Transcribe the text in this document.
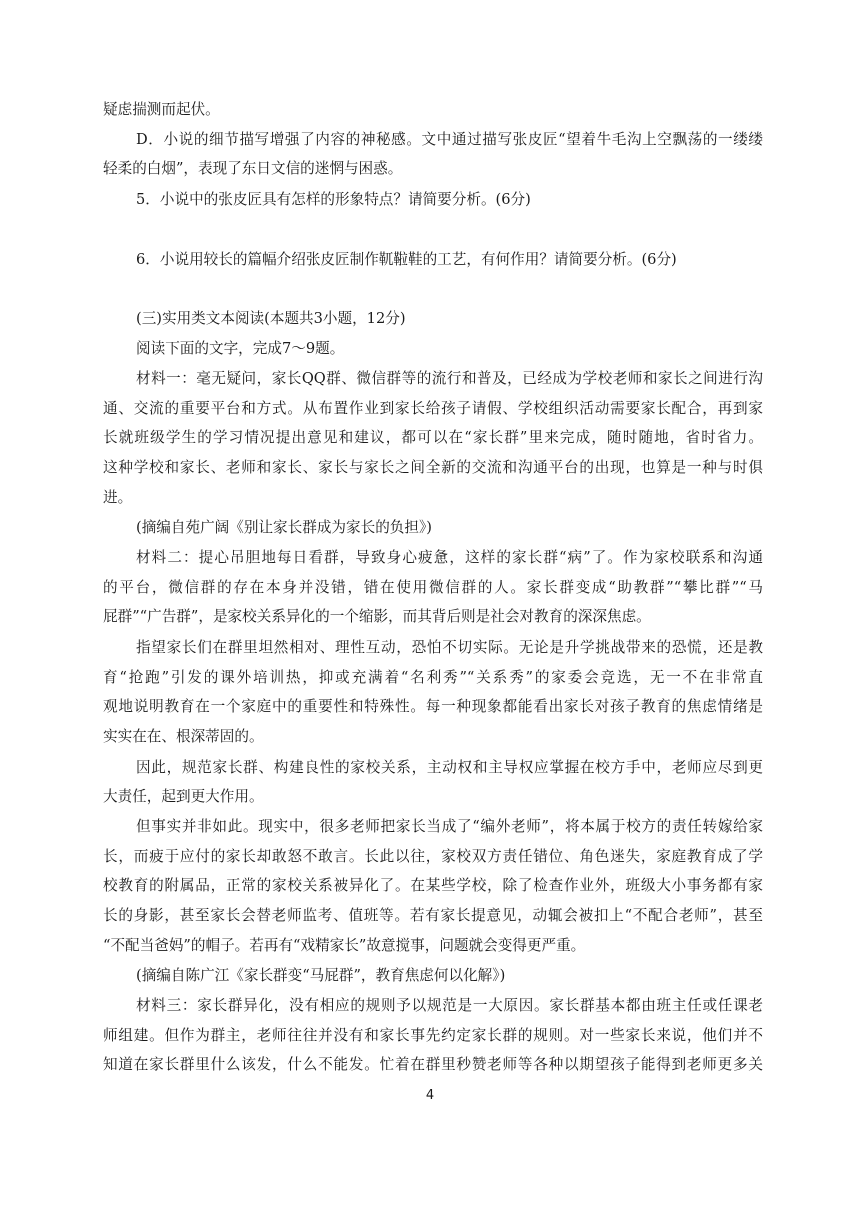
疑虑揣测而起伏。
D．小说的细节描写增强了内容的神秘感。文中通过描写张皮匠“望着牛毛沟上空飘荡的一缕缕
轻柔的白烟”，表现了东日文信的迷惘与困惑。
5．小说中的张皮匠具有怎样的形象特点？请简要分析。(6分)
6．小说用较长的篇幅介绍张皮匠制作靰鞡鞋的工艺，有何作用？请简要分析。(6分)
(三)实用类文本阅读(本题共3小题，12分)
阅读下面的文字，完成7～9题。
材料一：毫无疑问，家长QQ群、微信群等的流行和普及，已经成为学校老师和家长之间进行沟
通、交流的重要平台和方式。从布置作业到家长给孩子请假、学校组织活动需要家长配合，再到家
长就班级学生的学习情况提出意见和建议，都可以在“家长群”里来完成，随时随地，省时省力。
这种学校和家长、老师和家长、家长与家长之间全新的交流和沟通平台的出现，也算是一种与时俱
进。
(摘编自苑广阔《别让家长群成为家长的负担》)
材料二：提心吊胆地每日看群，导致身心疲惫，这样的家长群“病”了。作为家校联系和沟通
的平台，微信群的存在本身并没错，错在使用微信群的人。家长群变成“助教群”“攀比群”“马
屁群”“广告群”，是家校关系异化的一个缩影，而其背后则是社会对教育的深深焦虑。
指望家长们在群里坦然相对、理性互动，恐怕不切实际。无论是升学挑战带来的恐慌，还是教
育“抢跑”引发的课外培训热，抑或充满着“名利秀”“关系秀”的家委会竞选，无一不在非常直
观地说明教育在一个家庭中的重要性和特殊性。每一种现象都能看出家长对孩子教育的焦虑情绪是
实实在在、根深蒂固的。
因此，规范家长群、构建良性的家校关系，主动权和主导权应掌握在校方手中，老师应尽到更
大责任，起到更大作用。
但事实并非如此。现实中，很多老师把家长当成了“编外老师”，将本属于校方的责任转嫁给家
长，而疲于应付的家长却敢怒不敢言。长此以往，家校双方责任错位、角色迷失，家庭教育成了学
校教育的附属品，正常的家校关系被异化了。在某些学校，除了检查作业外，班级大小事务都有家
长的身影，甚至家长会替老师监考、值班等。若有家长提意见，动辄会被扣上“不配合老师”，甚至
“不配当爸妈”的帽子。若再有“戏精家长”故意搅事，问题就会变得更严重。
(摘编自陈广江《家长群变“马屁群”，教育焦虑何以化解》)
材料三：家长群异化，没有相应的规则予以规范是一大原因。家长群基本都由班主任或任课老
师组建。但作为群主，老师往往并没有和家长事先约定家长群的规则。对一些家长来说，他们并不
知道在家长群里什么该发，什么不能发。忙着在群里秒赞老师等各种以期望孩子能得到老师更多关
4
